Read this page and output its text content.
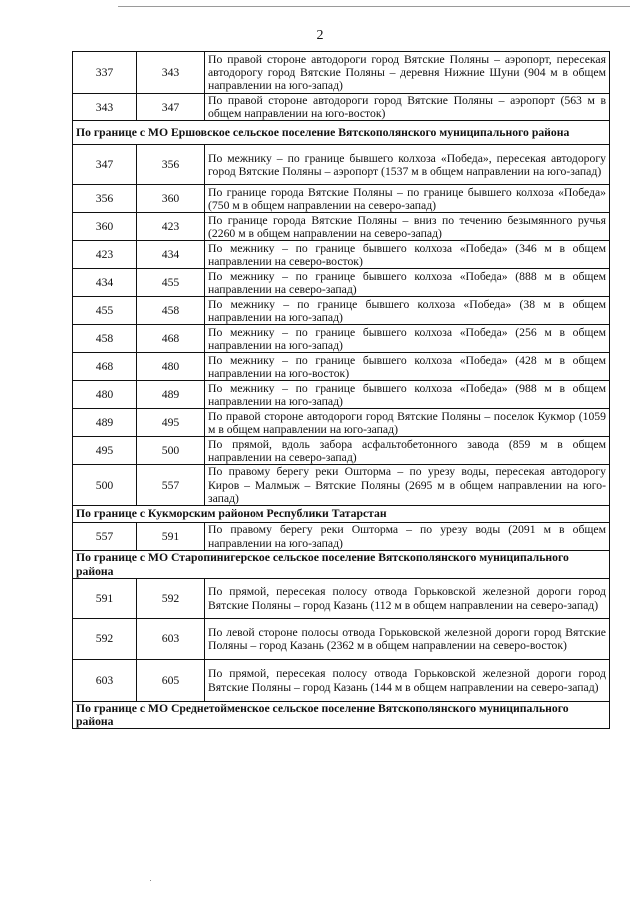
2
337	343	По правой стороне автодороги город Вятские Поляны – аэропорт, пересекая автодорогу город Вятские Поляны – деревня Нижние Шуни (904 м в общем направлении на юго-запад)
343	347	По правой стороне автодороги город Вятские Поляны – аэропорт (563 м в общем направлении на юго-восток)
По границе с МО Ершовское сельское поселение Вятскополянского муниципального района		
347	356	По межнику – по границе бывшего колхоза «Победа», пересекая автодорогу город Вятские Поляны – аэропорт (1537 м в общем направлении на юго-запад)
356	360	По границе города Вятские Поляны – по границе бывшего колхоза «Победа» (750 м в общем направлении на северо-запад)
360	423	По границе города Вятские Поляны – вниз по течению безымянного ручья (2260 м в общем направлении на северо-запад)
423	434	По межнику – по границе бывшего колхоза «Победа» (346 м в общем направлении на северо-восток)
434	455	По межнику – по границе бывшего колхоза «Победа» (888 м в общем направлении на северо-запад)
455	458	По межнику – по границе бывшего колхоза «Победа» (38 м в общем направлении на юго-запад)
458	468	По межнику – по границе бывшего колхоза «Победа» (256 м в общем направлении на юго-запад)
468	480	По межнику – по границе бывшего колхоза «Победа» (428 м в общем направлении на юго-восток)
480	489	По межнику – по границе бывшего колхоза «Победа» (988 м в общем направлении на юго-запад)
489	495	По правой стороне автодороги город Вятские Поляны – поселок Кукмор (1059 м в общем направлении на юго-запад)
495	500	По прямой, вдоль забора асфальтобетонного завода (859 м в общем направлении на северо-запад)
500	557	По правому берегу реки Ошторма – по урезу воды, пересекая автодорогу Киров – Малмыж – Вятские Поляны (2695 м в общем направлении на юго-запад)
По границе с Кукморским районом Республики Татарстан		
557	591	По правому берегу реки Ошторма – по урезу воды (2091 м в общем направлении на юго-запад)
По границе с МО Старопинигерское сельское поселение Вятскополянского муниципального района		
591	592	По прямой, пересекая полосу отвода Горьковской железной дороги город Вятские Поляны – город Казань (112 м в общем направлении на северо-запад)
592	603	По левой стороне полосы отвода Горьковской железной дороги город Вятские Поляны – город Казань (2362 м в общем направлении на северо-восток)
603	605	По прямой, пересекая полосу отвода Горьковской железной дороги город Вятские Поляны – город Казань (144 м в общем направлении на северо-запад)
По границе с МО Среднетойменское сельское поселение Вятскополянского муниципального района		
